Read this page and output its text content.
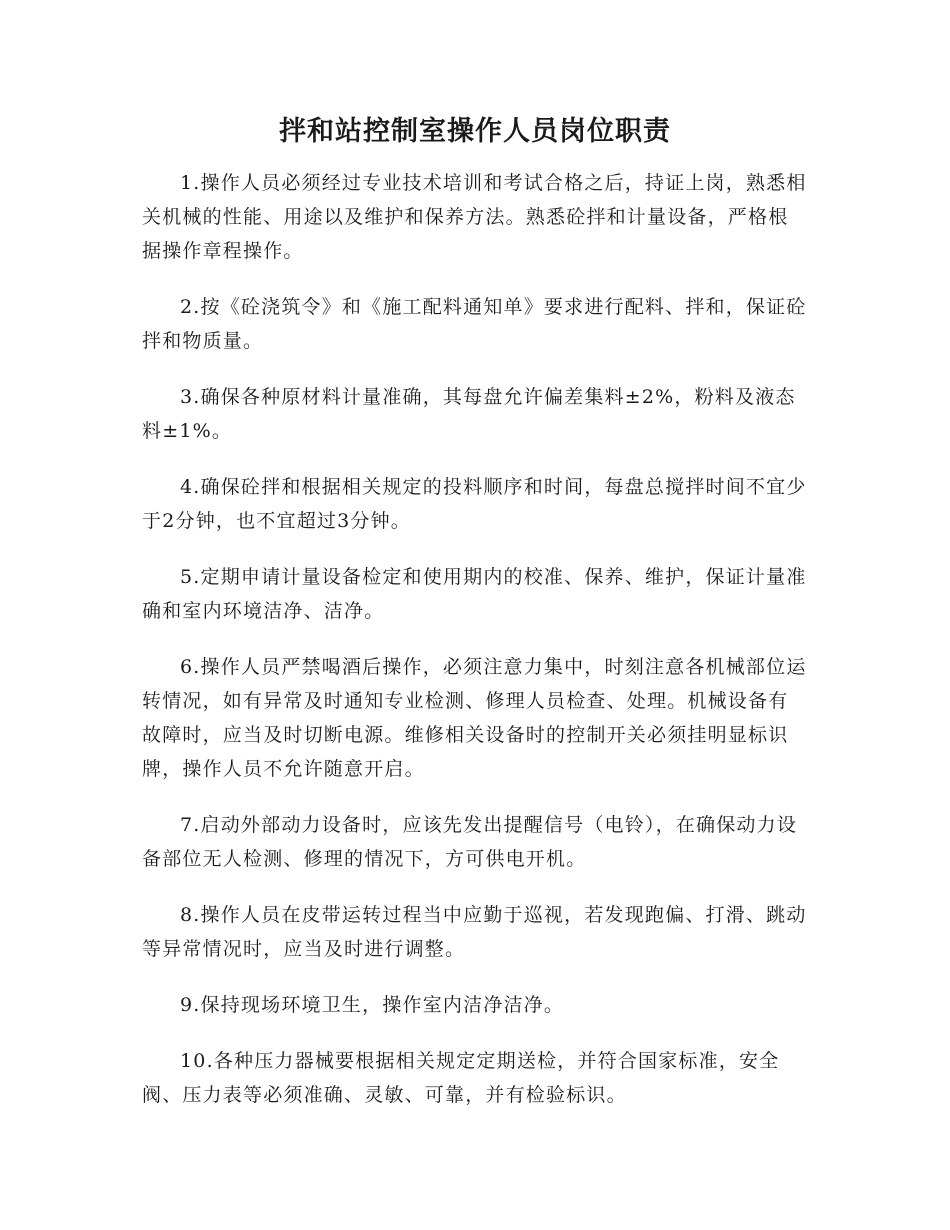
拌和站控制室操作人员岗位职责

1.操作人员必须经过专业技术培训和考试合格之后，持证上岗，熟悉相关机械的性能、用途以及维护和保养方法。熟悉砼拌和计量设备，严格根据操作章程操作。

2.按《砼浇筑令》和《施工配料通知单》要求进行配料、拌和，保证砼拌和物质量。

3.确保各种原材料计量准确，其每盘允许偏差集料±2%，粉料及液态料±1%。

4.确保砼拌和根据相关规定的投料顺序和时间，每盘总搅拌时间不宜少于2分钟，也不宜超过3分钟。

5.定期申请计量设备检定和使用期内的校准、保养、维护，保证计量准确和室内环境洁净、洁净。

6.操作人员严禁喝酒后操作，必须注意力集中，时刻注意各机械部位运转情况，如有异常及时通知专业检测、修理人员检查、处理。机械设备有故障时，应当及时切断电源。维修相关设备时的控制开关必须挂明显标识牌，操作人员不允许随意开启。

7.启动外部动力设备时，应该先发出提醒信号（电铃），在确保动力设备部位无人检测、修理的情况下，方可供电开机。

8.操作人员在皮带运转过程当中应勤于巡视，若发现跑偏、打滑、跳动等异常情况时，应当及时进行调整。

9.保持现场环境卫生，操作室内洁净洁净。

10.各种压力器械要根据相关规定定期送检，并符合国家标准，安全阀、压力表等必须准确、灵敏、可靠，并有检验标识。
